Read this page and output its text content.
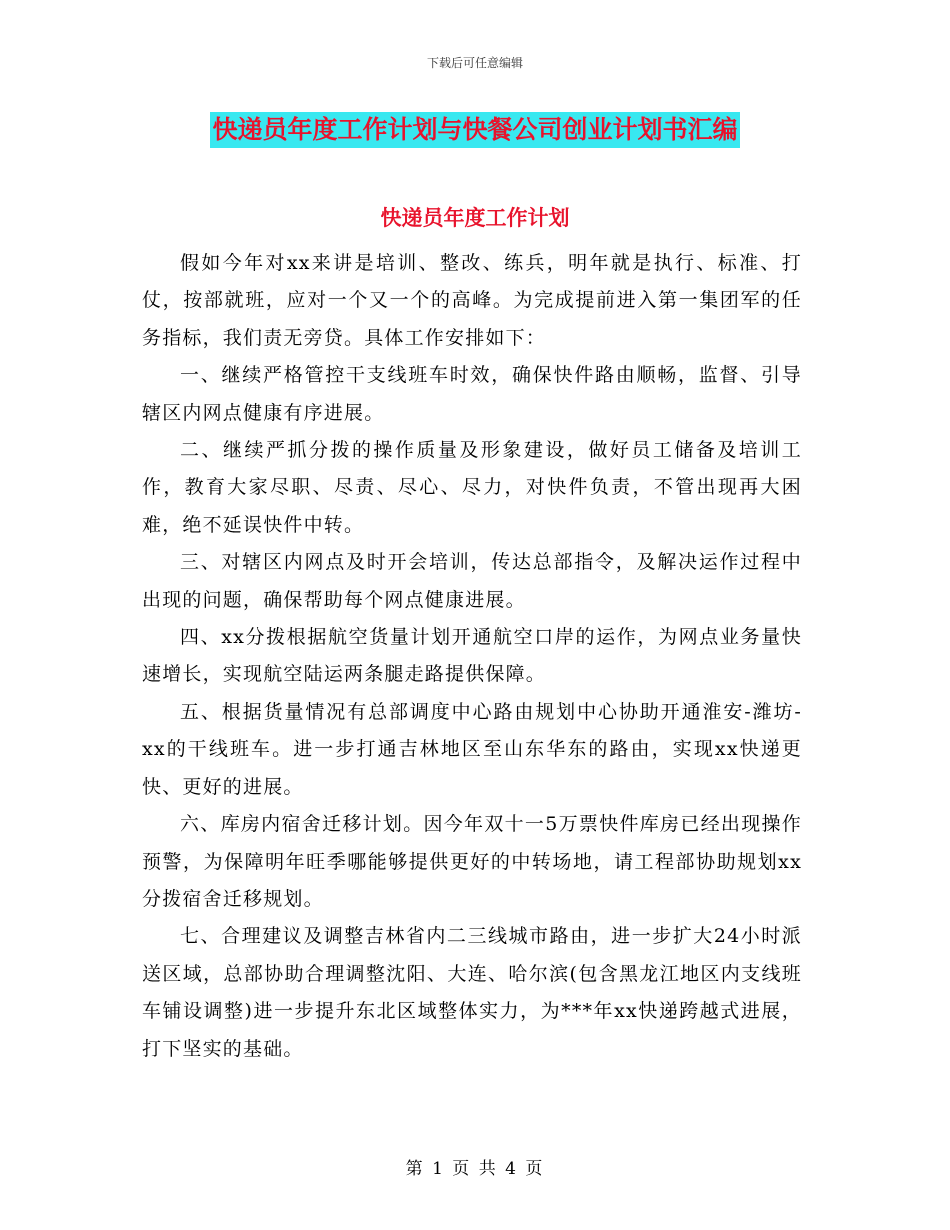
下载后可任意编辑
快递员年度工作计划与快餐公司创业计划书汇编
快递员年度工作计划

假如今年对xx来讲是培训、整改、练兵，明年就是执行、标准、打仗，按部就班，应对一个又一个的高峰。为完成提前进入第一集团军的任务指标，我们责无旁贷。具体工作安排如下：

一、继续严格管控干支线班车时效，确保快件路由顺畅，监督、引导辖区内网点健康有序进展。

二、继续严抓分拨的操作质量及形象建设，做好员工储备及培训工作，教育大家尽职、尽责、尽心、尽力，对快件负责，不管出现再大困难，绝不延误快件中转。

三、对辖区内网点及时开会培训，传达总部指令，及解决运作过程中出现的问题，确保帮助每个网点健康进展。

四、xx分拨根据航空货量计划开通航空口岸的运作，为网点业务量快速增长，实现航空陆运两条腿走路提供保障。

五、根据货量情况有总部调度中心路由规划中心协助开通淮安-潍坊-xx的干线班车。进一步打通吉林地区至山东华东的路由，实现xx快递更快、更好的进展。

六、库房内宿舍迁移计划。因今年双十一5万票快件库房已经出现操作预警，为保障明年旺季哪能够提供更好的中转场地，请工程部协助规划xx分拨宿舍迁移规划。

七、合理建议及调整吉林省内二三线城市路由，进一步扩大24小时派送区域，总部协助合理调整沈阳、大连、哈尔滨(包含黑龙江地区内支线班车铺设调整)进一步提升东北区域整体实力，为***年xx快递跨越式进展，打下坚实的基础。

第 1 页 共 4 页
